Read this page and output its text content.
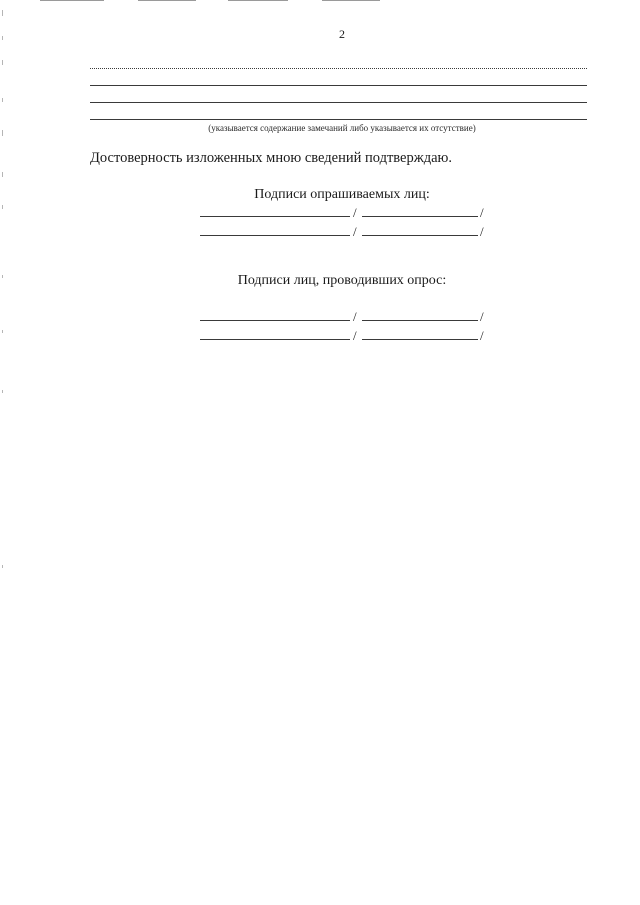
2
(указывается содержание замечаний либо указывается их отсутствие)
Достоверность изложенных мною сведений подтверждаю.
Подписи опрашиваемых лиц:
/	/
/	/
Подписи лиц, проводивших опрос:
/	/
/	/
